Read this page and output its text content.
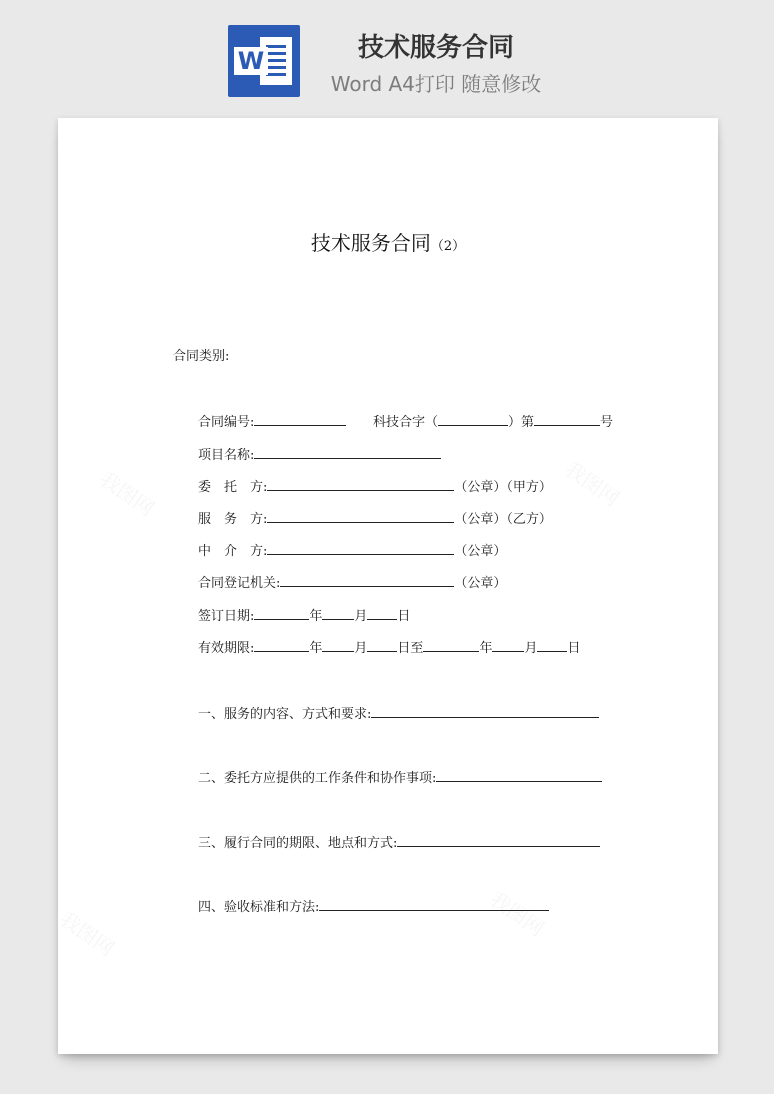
W	技术服务合同
Word A4打印 随意修改
技术服务合同（2）
合同类别:
合同编号:	科技合字（	）第	号
项目名称:
委　托　方:	（公章）（甲方）
服　务　方:	（公章）（乙方）
中　介　方:	（公章）
合同登记机关:	（公章）
签订日期:	年 月 日
有效期限:	年 月 日至	年 月 日
一、服务的内容、方式和要求:
二、委托方应提供的工作条件和协作事项:
三、履行合同的期限、地点和方式:
四、验收标准和方法:
